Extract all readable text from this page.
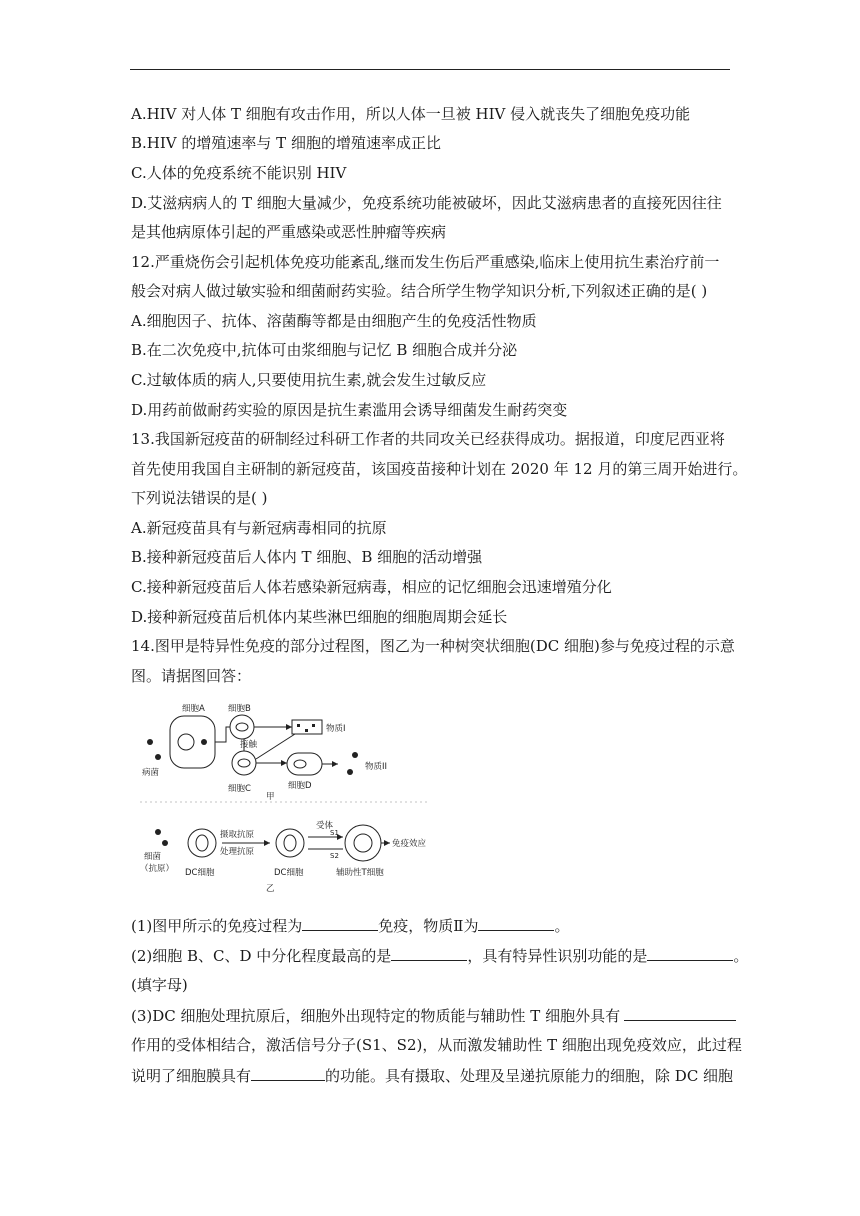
A.HIV 对人体 T 细胞有攻击作用，所以人体一旦被 HIV 侵入就丧失了细胞免疫功能
B.HIV 的增殖速率与 T 细胞的增殖速率成正比
C.人体的免疫系统不能识别 HIV
D.艾滋病病人的 T 细胞大量减少，免疫系统功能被破坏，因此艾滋病患者的直接死因往往
是其他病原体引起的严重感染或恶性肿瘤等疾病
12.严重烧伤会引起机体免疫功能紊乱,继而发生伤后严重感染,临床上使用抗生素治疗前一
般会对病人做过敏实验和细菌耐药实验。结合所学生物学知识分析,下列叙述正确的是( )
A.细胞因子、抗体、溶菌酶等都是由细胞产生的免疫活性物质
B.在二次免疫中,抗体可由浆细胞与记忆 B 细胞合成并分泌
C.过敏体质的病人,只要使用抗生素,就会发生过敏反应
D.用药前做耐药实验的原因是抗生素滥用会诱导细菌发生耐药突变
13.我国新冠疫苗的研制经过科研工作者的共同攻关已经获得成功。据报道，印度尼西亚将
首先使用我国自主研制的新冠疫苗，该国疫苗接种计划在 2020 年 12 月的第三周开始进行。
下列说法错误的是( )
A.新冠疫苗具有与新冠病毒相同的抗原
B.接种新冠疫苗后人体内 T 细胞、B 细胞的活动增强
C.接种新冠疫苗后人体若感染新冠病毒，相应的记忆细胞会迅速增殖分化
D.接种新冠疫苗后机体内某些淋巴细胞的细胞周期会延长
14.图甲是特异性免疫的部分过程图，图乙为一种树突状细胞(DC 细胞)参与免疫过程的示意
图。请据图回答：
细胞A	细胞B
物质I
接触
病菌
物质II
细胞C	细胞D
甲
摄取抗原
处理抗原
受体
S1
S2
免疫效应
细菌
（抗原） DC细胞	DC细胞	辅助性T细胞
乙
(1)图甲所示的免疫过程为	免疫，物质Ⅱ为	。
(2)细胞 B、C、D 中分化程度最高的是	，具有特异性识别功能的是	。
(填字母)
(3)DC 细胞处理抗原后，细胞外出现特定的物质能与辅助性 T 细胞外具有
作用的受体相结合，激活信号分子(S1、S2)，从而激发辅助性 T 细胞出现免疫效应，此过程
说明了细胞膜具有	的功能。具有摄取、处理及呈递抗原能力的细胞，除 DC 细胞
